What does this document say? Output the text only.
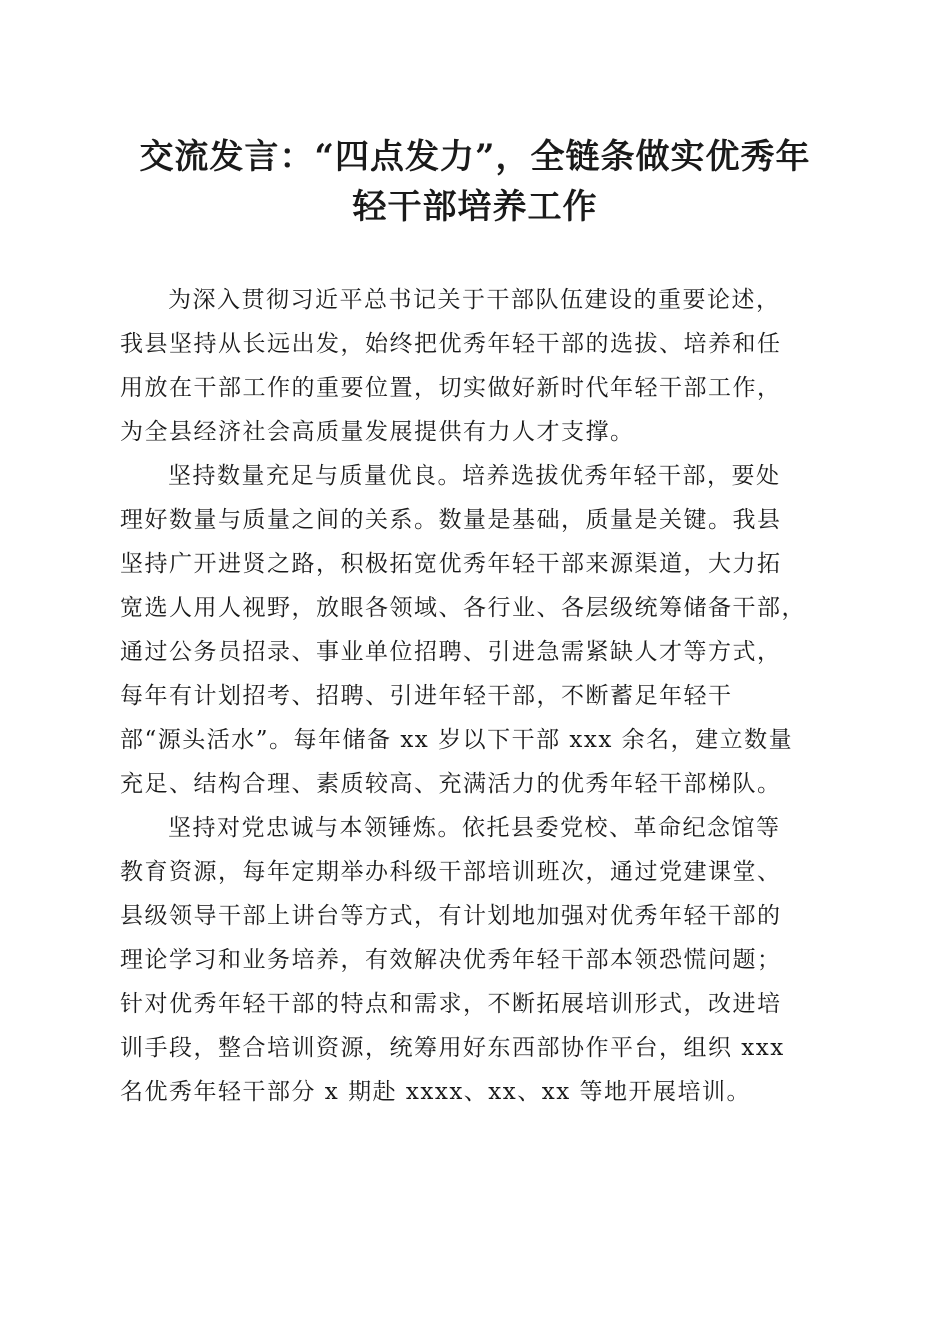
交流发言：“四点发力”，全链条做实优秀年
轻干部培养工作

为深入贯彻习近平总书记关于干部队伍建设的重要论述，
我县坚持从长远出发，始终把优秀年轻干部的选拔、培养和任
用放在干部工作的重要位置，切实做好新时代年轻干部工作，
为全县经济社会高质量发展提供有力人才支撑。

坚持数量充足与质量优良。培养选拔优秀年轻干部，要处
理好数量与质量之间的关系。数量是基础，质量是关键。我县
坚持广开进贤之路，积极拓宽优秀年轻干部来源渠道，大力拓
宽选人用人视野，放眼各领域、各行业、各层级统筹储备干部，
通过公务员招录、事业单位招聘、引进急需紧缺人才等方式，
每年有计划招考、招聘、引进年轻干部，不断蓄足年轻干
部“源头活水”。每年储备 xx 岁以下干部 xxx 余名，建立数量
充足、结构合理、素质较高、充满活力的优秀年轻干部梯队。

坚持对党忠诚与本领锤炼。依托县委党校、革命纪念馆等
教育资源，每年定期举办科级干部培训班次，通过党建课堂、
县级领导干部上讲台等方式，有计划地加强对优秀年轻干部的
理论学习和业务培养，有效解决优秀年轻干部本领恐慌问题；
针对优秀年轻干部的特点和需求，不断拓展培训形式，改进培
训手段，整合培训资源，统筹用好东西部协作平台，组织 xxx
名优秀年轻干部分 x 期赴 xxxx、xx、xx 等地开展培训。
